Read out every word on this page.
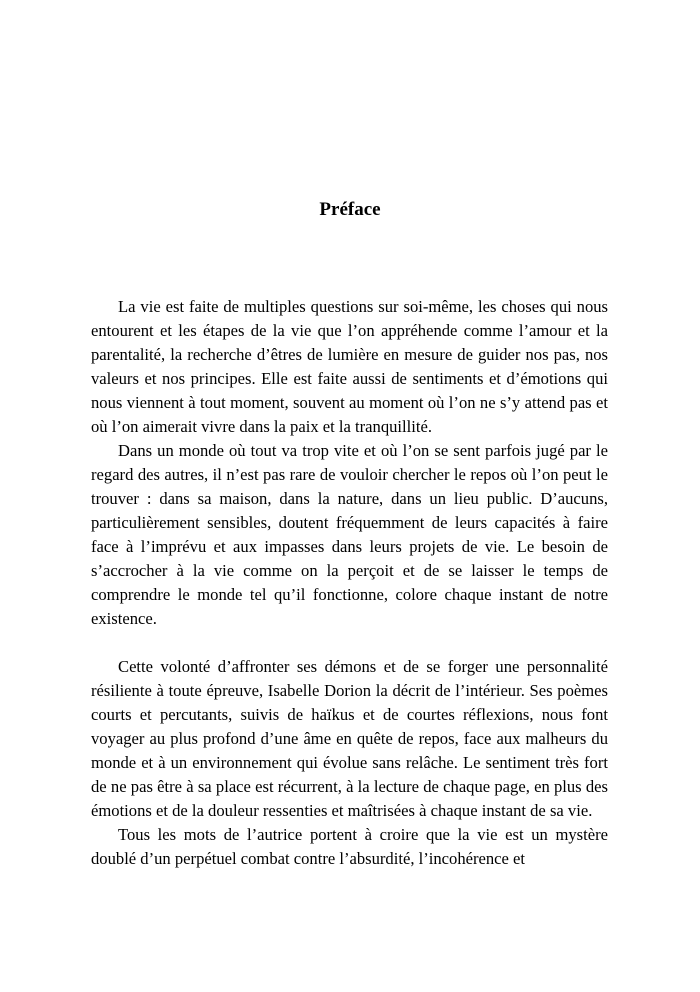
Préface

La vie est faite de multiples questions sur soi-même, les choses qui nous entourent et les étapes de la vie que l’on appréhende comme l’amour et la parentalité, la recherche d’êtres de lumière en mesure de guider nos pas, nos valeurs et nos principes. Elle est faite aussi de sentiments et d’émotions qui nous viennent à tout moment, souvent au moment où l’on ne s’y attend pas et où l’on aimerait vivre dans la paix et la tranquillité.

Dans un monde où tout va trop vite et où l’on se sent parfois jugé par le regard des autres, il n’est pas rare de vouloir chercher le repos où l’on peut le trouver : dans sa maison, dans la nature, dans un lieu public. D’aucuns, particulièrement sensibles, doutent fréquemment de leurs capacités à faire face à l’imprévu et aux impasses dans leurs projets de vie. Le besoin de s’accrocher à la vie comme on la perçoit et de se laisser le temps de comprendre le monde tel qu’il fonctionne, colore chaque instant de notre existence.

Cette volonté d’affronter ses démons et de se forger une personnalité résiliente à toute épreuve, Isabelle Dorion la décrit de l’intérieur. Ses poèmes courts et percutants, suivis de haïkus et de courtes réflexions, nous font voyager au plus profond d’une âme en quête de repos, face aux malheurs du monde et à un environnement qui évolue sans relâche. Le sentiment très fort de ne pas être à sa place est récurrent, à la lecture de chaque page, en plus des émotions et de la douleur ressenties et maîtrisées à chaque instant de sa vie.

Tous les mots de l’autrice portent à croire que la vie est un mystère doublé d’un perpétuel combat contre l’absurdité, l’incohérence et
